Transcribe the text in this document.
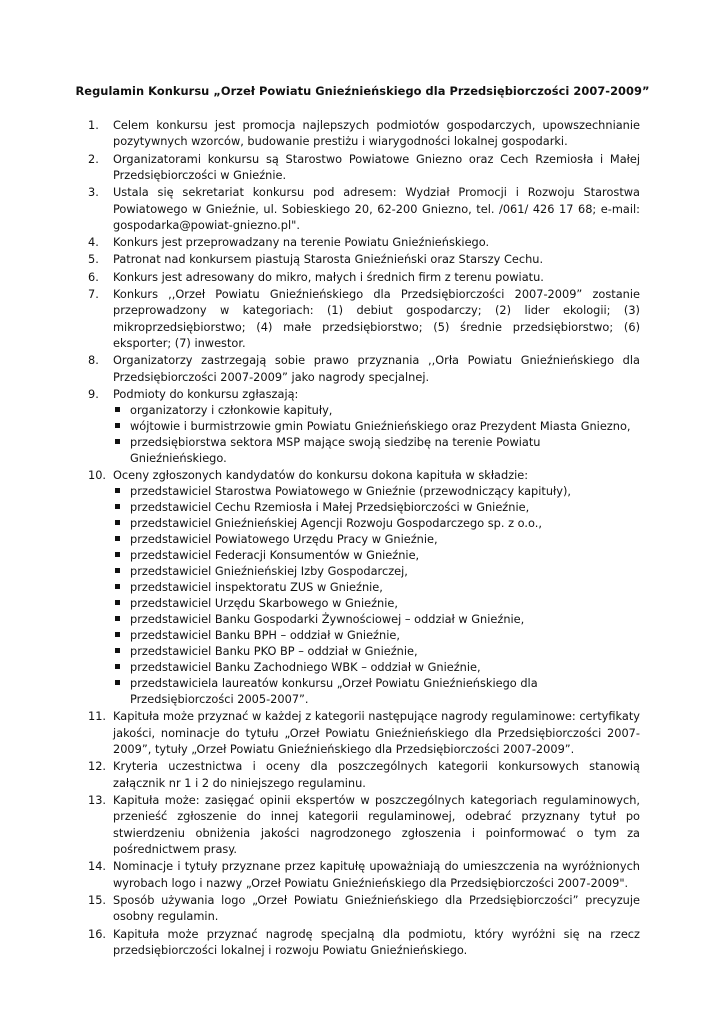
Regulamin Konkursu „Orzeł Powiatu Gnieźnieńskiego dla Przedsiębiorczości 2007-2009”
1.	Celem konkursu jest promocja najlepszych podmiotów gospodarczych, upowszechnianie pozytywnych wzorców, budowanie prestiżu i wiarygodności lokalnej gospodarki.
2.	Organizatorami konkursu są Starostwo Powiatowe Gniezno oraz Cech Rzemiosła i Małej Przedsiębiorczości w Gnieźnie.
3.	Ustala się sekretariat konkursu pod adresem: Wydział Promocji i Rozwoju Starostwa Powiatowego w Gnieźnie, ul. Sobieskiego 20, 62-200 Gniezno, tel. /061/ 426 17 68; e-mail: gospodarka@powiat-gniezno.pl".
4.	Konkurs jest przeprowadzany na terenie Powiatu Gnieźnieńskiego.
5.	Patronat nad konkursem piastują Starosta Gnieźnieński oraz Starszy Cechu.
6.	Konkurs jest adresowany do mikro, małych i średnich firm z terenu powiatu.
7.	Konkurs ,,Orzeł Powiatu Gnieźnieńskiego dla Przedsiębiorczości 2007-2009” zostanie przeprowadzony w kategoriach: (1) debiut gospodarczy; (2) lider ekologii; (3) mikroprzedsiębiorstwo; (4) małe przedsiębiorstwo; (5) średnie przedsiębiorstwo; (6) eksporter; (7) inwestor.
8.	Organizatorzy zastrzegają sobie prawo przyznania ,,Orła Powiatu Gnieźnieńskiego dla Przedsiębiorczości 2007-2009” jako nagrody specjalnej.
9.	Podmioty do konkursu zgłaszają:
organizatorzy i członkowie kapituły,
wójtowie i burmistrzowie gmin Powiatu Gnieźnieńskiego oraz Prezydent Miasta Gniezno,
przedsiębiorstwa sektora MSP mające swoją siedzibę na terenie Powiatu Gnieźnieńskiego.
10. Oceny zgłoszonych kandydatów do konkursu dokona kapituła w składzie:
przedstawiciel Starostwa Powiatowego w Gnieźnie (przewodniczący kapituły),
przedstawiciel Cechu Rzemiosła i Małej Przedsiębiorczości w Gnieźnie,
przedstawiciel Gnieźnieńskiej Agencji Rozwoju Gospodarczego sp. z o.o.,
przedstawiciel Powiatowego Urzędu Pracy w Gnieźnie,
przedstawiciel Federacji Konsumentów w Gnieźnie,
przedstawiciel Gnieźnieńskiej Izby Gospodarczej,
przedstawiciel inspektoratu ZUS w Gnieźnie,
przedstawiciel Urzędu Skarbowego w Gnieźnie,
przedstawiciel Banku Gospodarki Żywnościowej – oddział w Gnieźnie,
przedstawiciel Banku BPH – oddział w Gnieźnie,
przedstawiciel Banku PKO BP – oddział w Gnieźnie,
przedstawiciel Banku Zachodniego WBK – oddział w Gnieźnie,
przedstawiciela laureatów konkursu „Orzeł Powiatu Gnieźnieńskiego dla Przedsiębiorczości 2005-2007”.
11. Kapituła może przyznać w każdej z kategorii następujące nagrody regulaminowe: certyfikaty jakości, nominacje do tytułu „Orzeł Powiatu Gnieźnieńskiego dla Przedsiębiorczości 2007-2009”, tytuły „Orzeł Powiatu Gnieźnieńskiego dla Przedsiębiorczości 2007-2009”.
12. Kryteria uczestnictwa i oceny dla poszczególnych kategorii konkursowych stanowią załącznik nr 1 i 2 do niniejszego regulaminu.
13. Kapituła może: zasięgać opinii ekspertów w poszczególnych kategoriach regulaminowych, przenieść zgłoszenie do innej kategorii regulaminowej, odebrać przyznany tytuł po stwierdzeniu obniżenia jakości nagrodzonego zgłoszenia i poinformować o tym za pośrednictwem prasy.
14. Nominacje i tytuły przyznane przez kapitułę upoważniają do umieszczenia na wyróżnionych wyrobach logo i nazwy „Orzeł Powiatu Gnieźnieńskiego dla Przedsiębiorczości 2007-2009".
15. Sposób używania logo „Orzeł Powiatu Gnieźnieńskiego dla Przedsiębiorczości” precyzuje osobny regulamin.
16. Kapituła może przyznać nagrodę specjalną dla podmiotu, który wyróżni się na rzecz przedsiębiorczości lokalnej i rozwoju Powiatu Gnieźnieńskiego.
